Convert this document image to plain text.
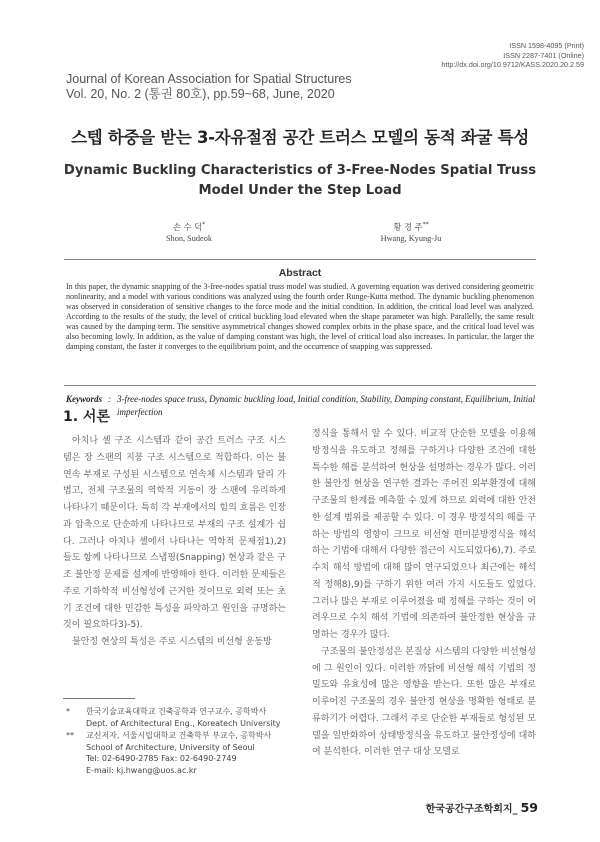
ISSN 1598-4095 (Print)
ISSN 2287-7401 (Online)
http://dx.doi.org/10.9712/KASS.2020.20.2.59
Journal of Korean Association for Spatial Structures
Vol. 20, No. 2 (통권 80호), pp.59~68, June, 2020
스텝 하중을 받는 3-자유절점 공간 트러스 모델의 동적 좌굴 특성
Dynamic Buckling Characteristics of 3-Free-Nodes Spatial Truss Model Under the Step Load
손 수 덕*
Shon, Sudeok
황 경 주**
Hwang, Kyung-Ju
Abstract
In this paper, the dynamic snapping of the 3-free-nodes spatial truss model was studied. A governing equation was derived considering geometric nonlinearity, and a model with various conditions was analyzed using the fourth order Runge-Kutta method. The dynamic buckling phenomenon was observed in consideration of sensitive changes to the force mode and the initial condition. In addition, the critical load level was analyzed. According to the results of the study, the level of critical buckling load elevated when the shape parameter was high. Parallelly, the same result was caused by the damping term. The sensitive asymmetrical changes showed complex orbits in the phase space, and the critical load level was also becoming lowly. In addition, as the value of damping constant was high, the level of critical load also increases. In particular, the larger the damping constant, the faster it converges to the equilibrium point, and the occurrence of snapping was suppressed.
Keywords : 3-free-nodes space truss, Dynamic buckling load, Initial condition, Stability, Damping constant, Equilibrium, Initial imperfection
1. 서론

아치나 셸 구조 시스템과 같이 공간 트러스 구조 시스템은 장 스팬의 지붕 구조 시스템으로 적합하다. 이는 불연속 부재로 구성된 시스템으로 연속체 시스템과 달리 가볍고, 전체 구조물의 역학적 거동이 장 스팬에 유리하게 나타나기 때문이다. 특히 각 부재에서의 힘의 흐름은 인장과 압축으로 단순하게 나타나므로 부재의 구조 설계가 쉽다. 그러나 아치나 셸에서 나타나는 역학적 문제점1),2)들도 함께 나타나므로 스냅핑(Snapping) 현상과 같은 구조 불안정 문제를 설계에 반영해야 한다. 이러한 문제들은 주로 기하학적 비선형성에 근거한 것이므로 외력 또는 초기 조건에 대한 민감한 특성을 파악하고 원인을 규명하는 것이 필요하다3)-5).

불안정 현상의 특성은 주로 시스템의 비선형 운동방

정식을 통해서 알 수 있다. 비교적 단순한 모델을 이용해 방정식을 유도하고 정해를 구하거나 다양한 조건에 대한 특수한 해를 분석하여 현상을 설명하는 경우가 많다. 이러한 불안정 현상을 연구한 결과는 주어진 외부환경에 대해 구조물의 한계를 예측할 수 있게 하므로 외력에 대한 안전한 설계 범위를 제공할 수 있다. 이 경우 방정식의 해를 구하는 방법의 영향이 크므로 비선형 편미분방정식을 해석하는 기법에 대해서 다양한 접근이 시도되었다6),7). 주로 수치 해석 방법에 대해 많이 연구되었으나 최근에는 해석적 정해8),9)를 구하기 위한 여러 가지 시도들도 있었다. 그러나 많은 부재로 이루어졌을 때 정해를 구하는 것이 어려우므로 수치 해석 기법에 의존하여 불안정한 현상을 규명하는 경우가 많다.

구조물의 불안정성은 본질상 시스템의 다양한 비선형성에 그 원인이 있다. 이러한 까닭에 비선형 해석 기법의 정밀도와 유효성에 많은 영향을 받는다. 또한 많은 부재로 이루어진 구조물의 경우 불안정 현상을 명확한 형태로 분류하기가 어렵다. 그래서 주로 단순한 부재들로 형성된 모델을 일반화하여 상태방정식을 유도하고 불안정성에 대하여 분석한다. 이러한 연구 대상 모델로

* 한국기술교육대학교 건축공학과 연구교수, 공학박사
Dept. of Architectural Eng., Koreatech University
** 교신저자, 서울시립대학교 건축학부 부교수, 공학박사
School of Architecture, University of Seoul
Tel: 02-6490-2785 Fax: 02-6490-2749
E-mail: kj.hwang@uos.ac.kr
한국공간구조학회지_ 59
